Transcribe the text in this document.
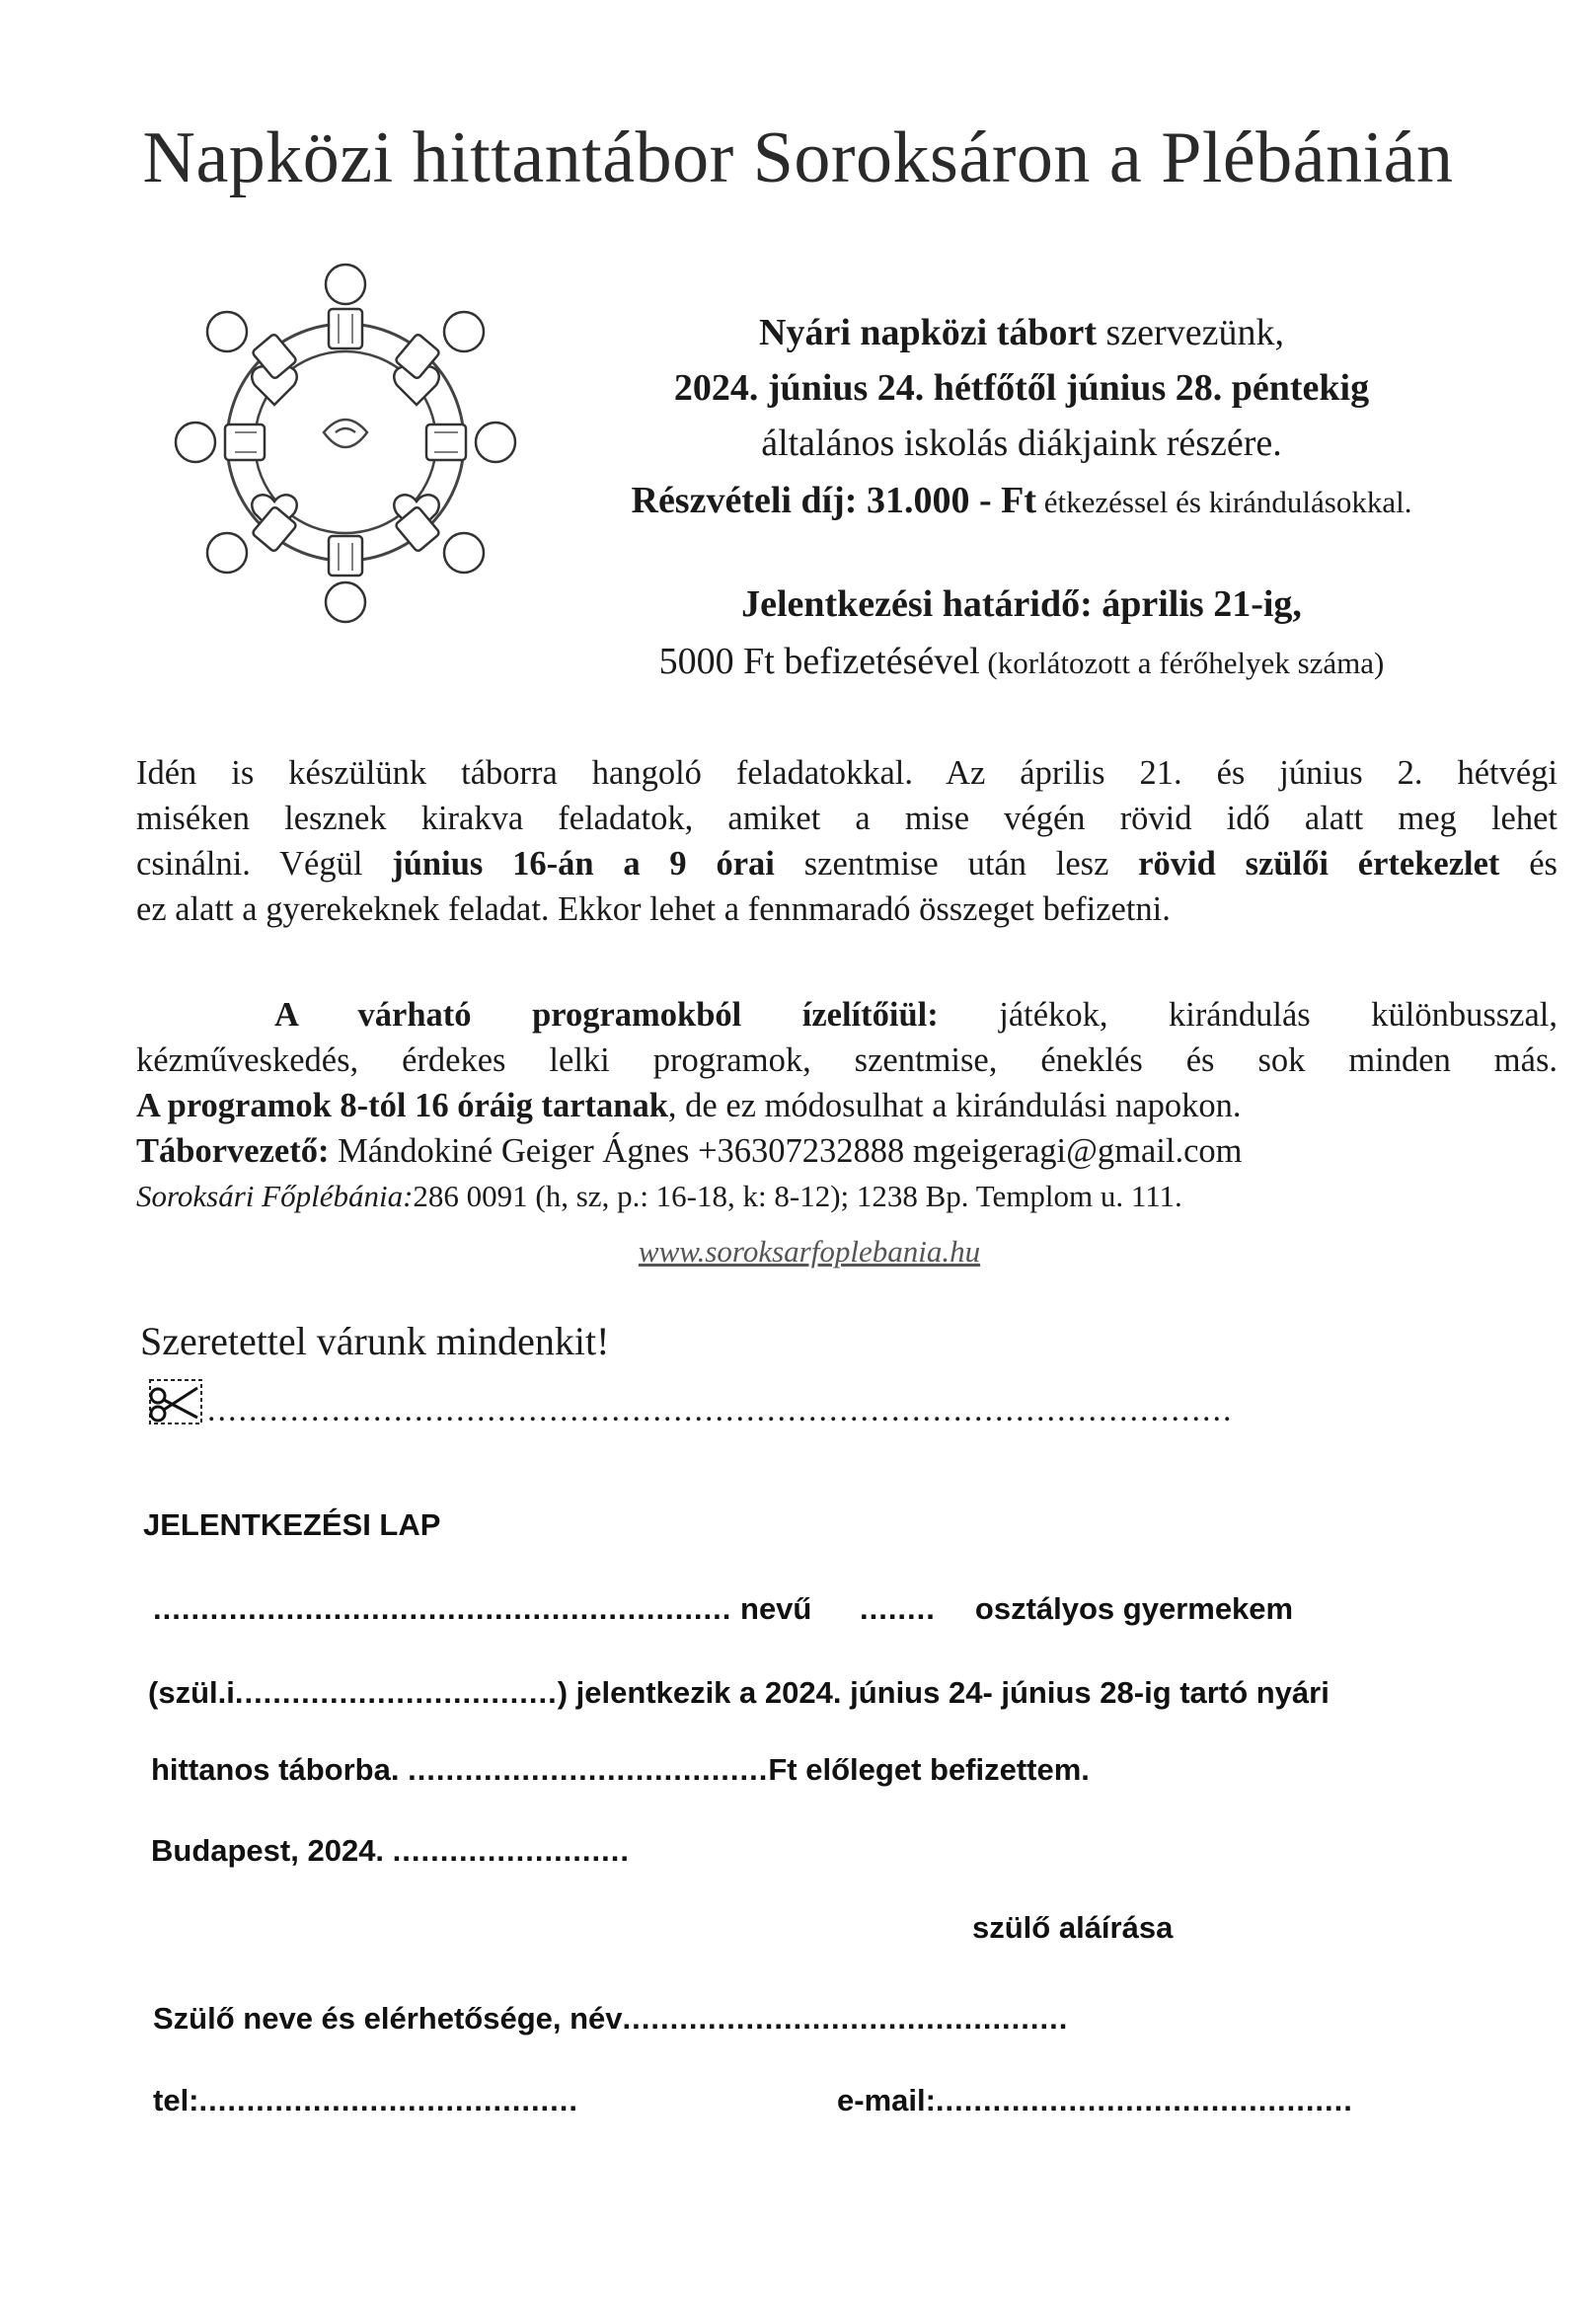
Napközi hittantábor Soroksáron a Plébánián
Nyári napközi tábort szervezünk,
2024. június 24. hétfőtől június 28. péntekig
általános iskolás diákjaink részére.
Részvételi díj: 31.000 - Ft étkezéssel és kirándulásokkal.
Jelentkezési határidő: április 21-ig,
5000 Ft befizetésével (korlátozott a férőhelyek száma)
Idén is készülünk táborra hangoló feladatokkal. Az április 21. és június 2. hétvégi
miséken lesznek kirakva feladatok, amiket a mise végén rövid idő alatt meg lehet
csinálni. Végül június 16-án a 9 órai szentmise után lesz rövid szülői értekezlet és
ez alatt a gyerekeknek feladat. Ekkor lehet a fennmaradó összeget befizetni.
A várható programokból ízelítőiül: játékok, kirándulás különbusszal,
kézműveskedés, érdekes lelki programok, szentmise, éneklés és sok minden más.
A programok 8-tól 16 óráig tartanak, de ez módosulhat a kirándulási napokon.
Táborvezető: Mándokiné Geiger Ágnes +36307232888 mgeigeragi@gmail.com
Soroksári Főplébánia:286 0091 (h, sz, p.: 16-18, k: 8-12); 1238 Bp. Templom u. 111.
www.soroksarfoplebania.hu
Szeretettel várunk mindenkit!
...................................................................................................
JELENTKEZÉSI LAP
............................................................. nevű ........ osztályos gyermekem
(szül.i..................................) jelentkezik a 2024. június 24- június 28-ig tartó nyári
hittanos táborba. ......................................Ft előleget befizettem.
Budapest, 2024. .........................
szülő aláírása
Szülő neve és elérhetősége, név...............................................
tel:........................................	e-mail:............................................
